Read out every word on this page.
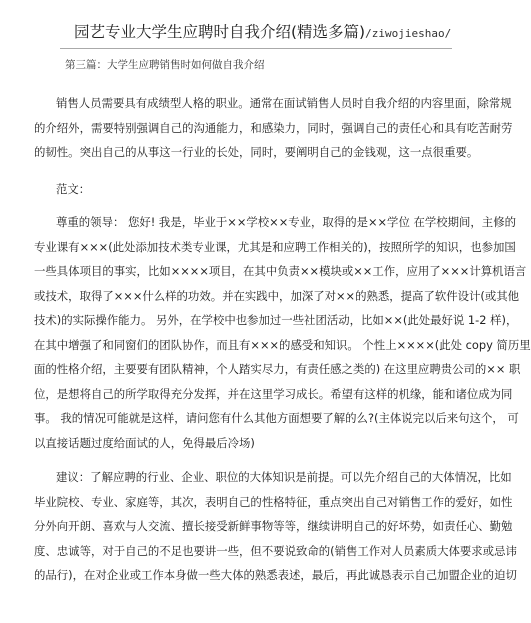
园艺专业大学生应聘时自我介绍(精选多篇)/ziwojieshao/
第三篇：大学生应聘销售时如何做自我介绍
销售人员需要具有成绩型人格的职业。通常在面试销售人员时自我介绍的内容里面，除常规
的介绍外，需要特别强调自己的沟通能力，和感染力，同时，强调自己的责任心和具有吃苦耐劳
的韧性。突出自己的从事这一行业的长处，同时，要阐明自己的金钱观，这一点很重要。
范文：
尊重的领导： 您好! 我是，毕业于××学校××专业，取得的是××学位 在学校期间，主修的
专业课有×××(此处添加技术类专业课，尤其是和应聘工作相关的)，按照所学的知识，也参加国
一些具体项目的事实，比如××××项目，在其中负责××模块或××工作，应用了×××计算机语言
或技术，取得了×××什么样的功效。并在实践中，加深了对××的熟悉，提高了软件设计(或其他
技术)的实际操作能力。 另外，在学校中也参加过一些社团活动，比如××(此处最好说 1-2 样)，
在其中增强了和同窗们的团队协作，而且有×××的感受和知识。 个性上××××(此处 copy 简历里
面的性格介绍，主要要有团队精神，个人踏实尽力，有责任感之类的) 在这里应聘贵公司的×× 职
位，是想将自己的所学取得充分发挥，并在这里学习成长。希望有这样的机缘，能和诸位成为同
事。 我的情况可能就是这样，请问您有什么其他方面想要了解的么?(主体说完以后来句这个， 可
以直接话题过度给面试的人，免得最后冷场)
建议：了解应聘的行业、企业、职位的大体知识是前提。可以先介绍自己的大体情况，比如
毕业院校、专业、家庭等，其次，表明自己的性格特征，重点突出自己对销售工作的爱好，如性
分外向开朗、喜欢与人交流、擅长接受新鲜事物等等，继续讲明自己的好坏势，如责任心、勤勉
度、忠诚等，对于自己的不足也要讲一些，但不要说致命的(销售工作对人员素质大体要求或忌讳
的品行)，在对企业或工作本身做一些大体的熟悉表述，最后，再此诚恳表示自己加盟企业的迫切
